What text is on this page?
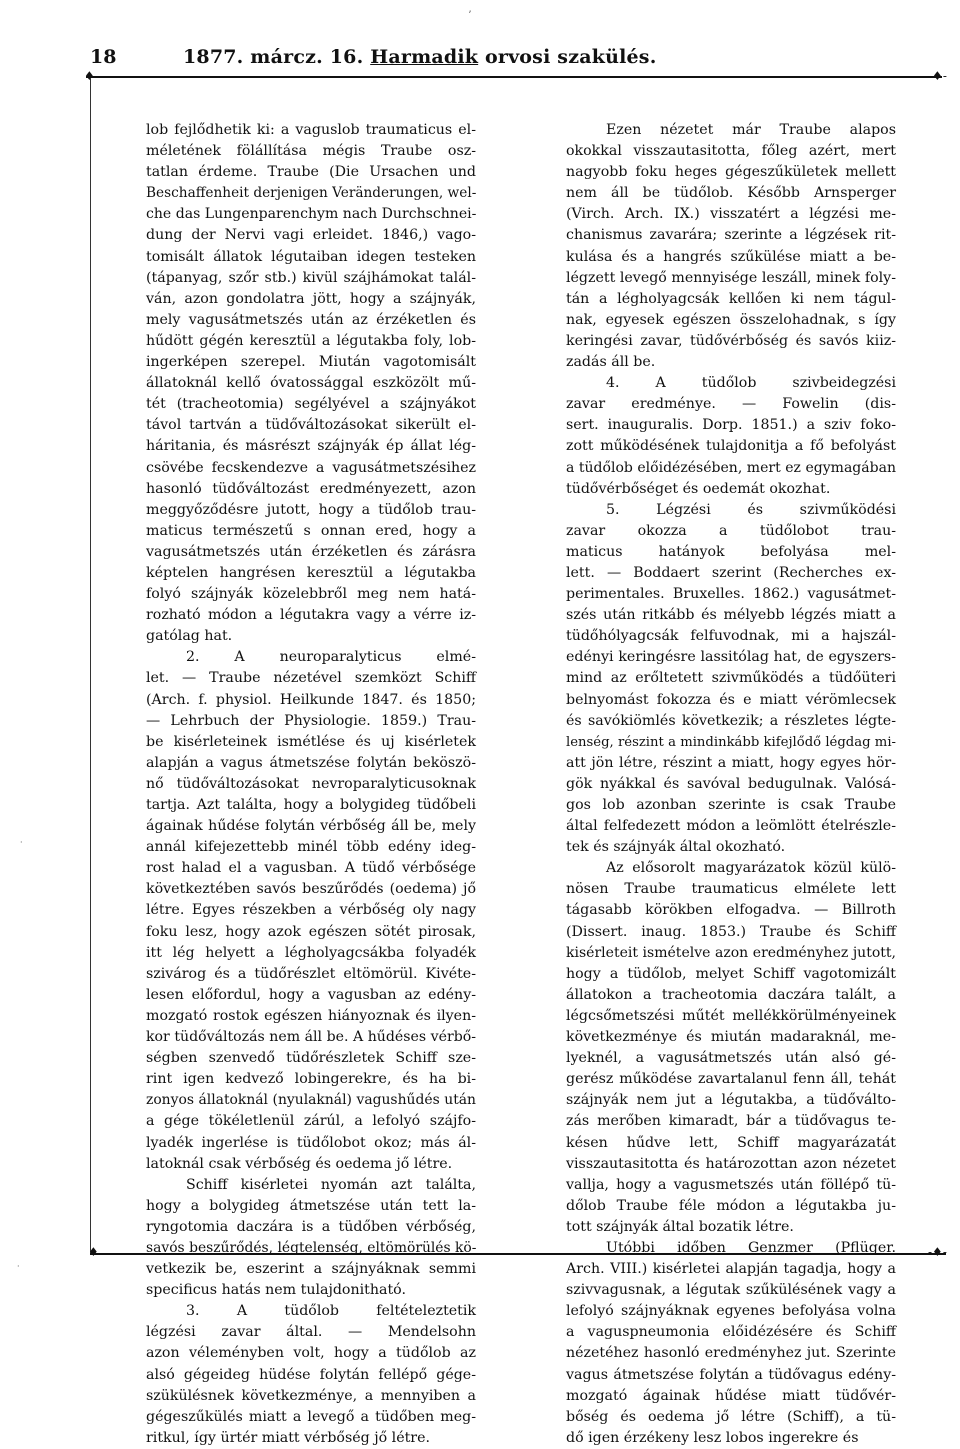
18	1877. márcz. 16. Harmadik orvosi szakülés.
♦	-♦-
ʼ
·
·
lob fejlődhetik ki: a vaguslob traumaticus el-
méletének fölállítása mégis Traube osz-
tatlan érdeme. Traube (Die Ursachen und
Beschaffenheit derjenigen Veränderungen, wel-
che das Lungenparenchym nach Durchschnei-
dung der Nervi vagi erleidet. 1846,) vago-
tomisált állatok légutaiban idegen testeken
(tápanyag, szőr stb.) kivül szájhámokat talál-
ván, azon gondolatra jött, hogy a szájnyák,
mely vagusátmetszés után az érzéketlen és
hűdött gégén keresztül a légutakba foly, lob-
ingerképen szerepel. Miután vagotomisált
állatoknál kellő óvatossággal eszközölt mű-
tét (tracheotomia) segélyével a szájnyákot
távol tartván a tüdőváltozásokat sikerült el-
háritania, és másrészt szájnyák ép állat lég-
csövébe fecskendezve a vagusátmetszésihez
hasonló tüdőváltozást eredményezett, azon
meggyőződésre jutott, hogy a tüdőlob trau-
maticus természetű s onnan ered, hogy a
vagusátmetszés után érzéketlen és zárásra
képtelen hangrésen keresztül a légutakba
folyó szájnyák közelebbről meg nem hatá-
rozható módon a légutakra vagy a vérre iz-
gatólag hat.
2. A neuroparalyticus elmé-
let. — Traube nézetével szemközt Schiff
(Arch. f. physiol. Heilkunde 1847. és 1850;
— Lehrbuch der Physiologie. 1859.) Trau-
be kisérleteinek ismétlése és uj kisérletek
alapján a vagus átmetszése folytán beköszö-
nő tüdőváltozásokat nevroparalyticusoknak
tartja. Azt találta, hogy a bolygideg tüdőbeli
ágainak hűdése folytán vérbőség áll be, mely
annál kifejezettebb minél több edény ideg-
rost halad el a vagusban. A tüdő vérbősége
következtében savós beszűrődés (oedema) jő
létre. Egyes részekben a vérbőség oly nagy
foku lesz, hogy azok egészen sötét pirosak,
itt lég helyett a légholyagcsákba folyadék
szivárog és a tüdőrészlet eltömörül. Kivéte-
lesen előfordul, hogy a vagusban az edény-
mozgató rostok egészen hiányoznak és ilyen-
kor tüdőváltozás nem áll be. A hűdéses vérbő-
ségben szenvedő tüdőrészletek Schiff sze-
rint igen kedvező lobingerekre, és ha bi-
zonyos állatoknál (nyulaknál) vagushűdés után
a gége tökéletlenül zárúl, a lefolyó szájfo-
lyadék ingerlése is tüdőlobot okoz; más ál-
latoknál csak vérbőség és oedema jő létre.
Schiff kisérletei nyomán azt találta,
hogy a bolygideg átmetszése után tett la-
ryngotomia daczára is a tüdőben vérbőség,
savós beszűrődés, légtelenség, eltömörülés kö-
vetkezik be, eszerint a szájnyáknak semmi
specificus hatás nem tulajdonitható.
3. A tüdőlob feltételeztetik
légzési zavar által. — Mendelsohn
azon véleményben volt, hogy a tüdőlob az
alsó gégeideg hüdése folytán fellépő gége-
szükülésnek következménye, a mennyiben a
gégeszűkülés miatt a levegő a tüdőben meg-
ritkul, így ürtér miatt vérbőség jő létre.
Ezen nézetet már Traube alapos
okokkal visszautasitotta, főleg azért, mert
nagyobb foku heges gégeszűkületek mellett
nem áll be tüdőlob. Később Arnsperger
(Virch. Arch. IX.) visszatért a légzési me-
chanismus zavarára; szerinte a légzések rit-
kulása és a hangrés szűkülése miatt a be-
légzett levegő mennyisége leszáll, minek foly-
tán a légholyagcsák kellően ki nem tágul-
nak, egyesek egészen összelohadnak, s így
keringési zavar, tüdővérbőség és savós kiiz-
zadás áll be.
4. A tüdőlob szivbeidegzési
zavar eredménye. — Fowelin (dis-
sert. inauguralis. Dorp. 1851.) a sziv foko-
zott működésének tulajdonitja a fő befolyást
a tüdőlob előidézésében, mert ez egymagában
tüdővérbőséget és oedemát okozhat.
5. Légzési és szivműködési
zavar okozza a tüdőlobot trau-
maticus hatányok befolyása mel-
lett. — Boddaert szerint (Recherches ex-
perimentales. Bruxelles. 1862.) vagusátmet-
szés után ritkább és mélyebb légzés miatt a
tüdőhólyagcsák felfuvodnak, mi a hajszál-
edényi keringésre lassitólag hat, de egyszers-
mind az erőltetett szivműködés a tüdőüteri
belnyomást fokozza és e miatt vérömlecsek
és savókiömlés következik; a részletes légte-
lenség, részint a mindinkább kifejlődő légdag mi-
att jön létre, részint a miatt, hogy egyes hör-
gök nyákkal és savóval bedugulnak. Valósá-
gos lob azonban szerinte is csak Traube
által felfedezett módon a leömlött ételrészle-
tek és szájnyák által okozható.
Az elősorolt magyarázatok közül külö-
nösen Traube traumaticus elmélete lett
tágasabb körökben elfogadva. — Billroth
(Dissert. inaug. 1853.) Traube és Schiff
kisérleteit ismételve azon eredményhez jutott,
hogy a tüdőlob, melyet Schiff vagotomizált
állatokon a tracheotomia daczára talált, a
légcsőmetszési műtét mellékkörülményeinek
következménye és miután madaraknál, me-
lyeknél, a vagusátmetszés után alsó gé-
gerész működése zavartalanul fenn áll, tehát
szájnyák nem jut a légutakba, a tüdőválto-
zás merőben kimaradt, bár a tüdővagus te-
késen hűdve lett, Schiff magyarázatát
visszautasitotta és határozottan azon nézetet
vallja, hogy a vagusmetszés után föllépő tü-
dőlob Traube féle módon a légutakba ju-
tott szájnyák által bozatik létre.
Utóbbi időben Genzmer (Pflüger.
Arch. VIII.) kisérletei alapján tagadja, hogy a
szivvagusnak, a légutak szűkülésének vagy a
lefolyó szájnyáknak egyenes befolyása volna
a vaguspneumonia előidézésére és Schiff
nézetéhez hasonló eredményhez jut. Szerinte
vagus átmetszése folytán a tüdővagus edény-
mozgató ágainak hűdése miatt tüdővér-
bőség és oedema jő létre (Schiff), a tü-
dő igen érzékeny lesz lobos ingerekre és
♦	-♦-
